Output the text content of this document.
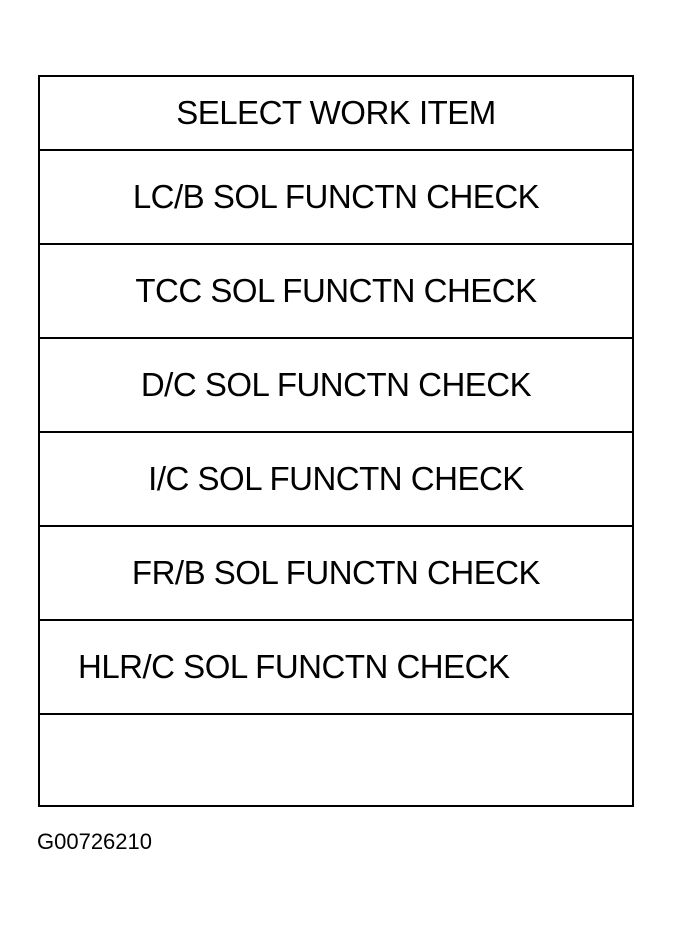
SELECT WORK ITEM
LC/B SOL FUNCTN CHECK
TCC SOL FUNCTN CHECK
D/C SOL FUNCTN CHECK
I/C SOL FUNCTN CHECK
FR/B SOL FUNCTN CHECK
HLR/C SOL FUNCTN CHECK
G00726210
